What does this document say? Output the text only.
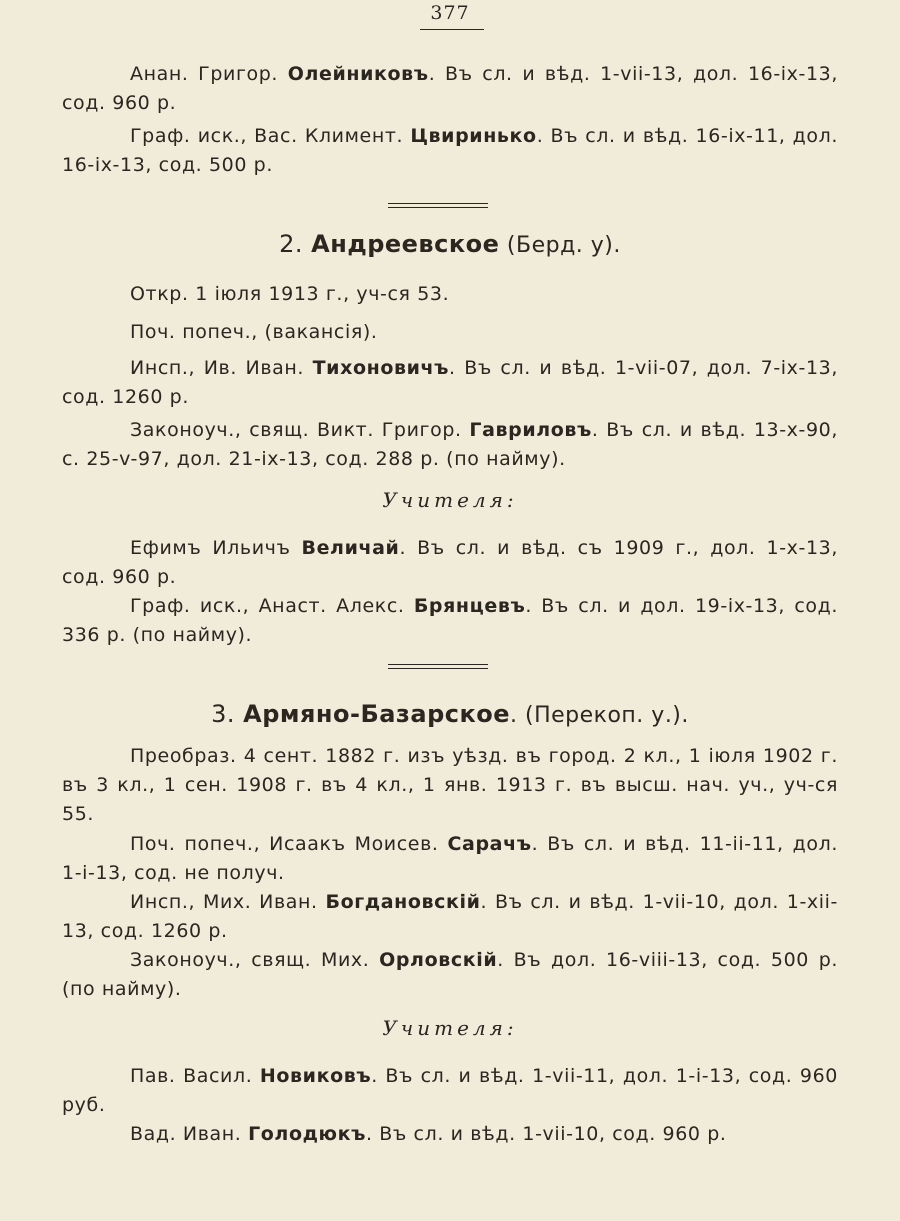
377
Анан. Григор. Олейниковъ. Въ сл. и вѣд. 1-vii-13, дол. 16-ix-13, сод. 960 р.
Граф. иск., Вас. Климент. Цвиринько. Въ сл. и вѣд. 16-ix-11, дол. 16-ix-13, сод. 500 р.
2. Андреевское (Берд. у).
Откр. 1 іюля 1913 г., уч-ся 53.
Поч. попеч., (вакансія).
Инсп., Ив. Иван. Тихоновичъ. Въ сл. и вѣд. 1-vii-07, дол. 7-ix-13, сод. 1260 р.
Законоуч., свящ. Викт. Григор. Гавриловъ. Въ сл. и вѣд. 13-x-90, с. 25-v-97, дол. 21-ix-13, сод. 288 р. (по найму).
Учителя:
Ефимъ Ильичъ Величай. Въ сл. и вѣд. съ 1909 г., дол. 1-x-13, сод. 960 р.
Граф. иск., Анаст. Алекс. Брянцевъ. Въ сл. и дол. 19-ix-13, сод. 336 р. (по найму).
3. Армяно-Базарское. (Перекоп. у.).
Преобраз. 4 сент. 1882 г. изъ уѣзд. въ город. 2 кл., 1 іюля 1902 г. въ 3 кл., 1 сен. 1908 г. въ 4 кл., 1 янв. 1913 г. въ высш. нач. уч., уч-ся 55.
Поч. попеч., Исаакъ Моисев. Сарачъ. Въ сл. и вѣд. 11-ii-11, дол. 1-i-13, сод. не получ.
Инсп., Мих. Иван. Богдановскій. Въ сл. и вѣд. 1-vii-10, дол. 1-xii-13, сод. 1260 р.
Законоуч., свящ. Мих. Орловскій. Въ дол. 16-viii-13, сод. 500 р. (по найму).
Учителя:
Пав. Васил. Новиковъ. Въ сл. и вѣд. 1-vii-11, дол. 1-i-13, сод. 960 руб.
Вад. Иван. Голодюкъ. Въ сл. и вѣд. 1-vii-10, сод. 960 р.
